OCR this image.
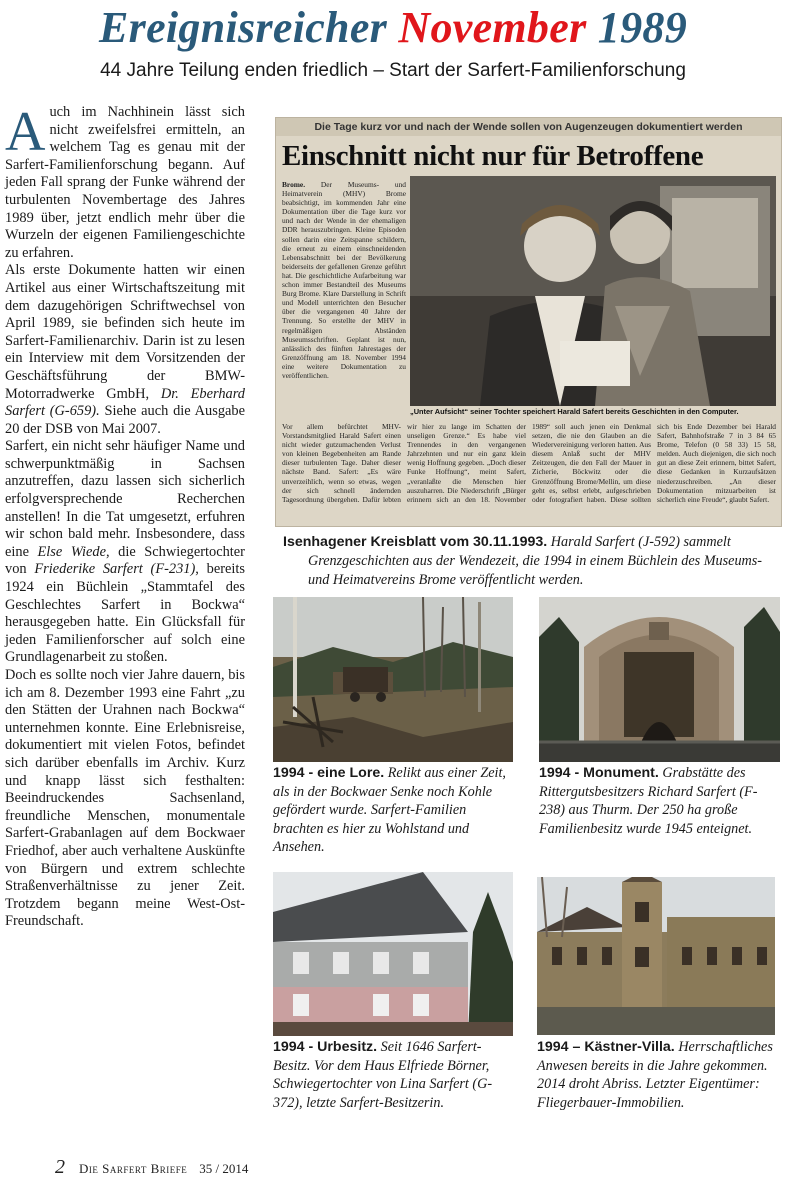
Ereignisreicher November 1989
44 Jahre Teilung enden friedlich – Start der Sarfert-Familienforschung

Auch im Nachhinein lässt sich nicht zweifelsfrei ermitteln, an welchem Tag es genau mit der Sarfert-Familienforschung begann. Auf jeden Fall sprang der Funke während der turbulenten Novembertage des Jahres 1989 über, jetzt endlich mehr über die Wurzeln der eigenen Familiengeschichte zu erfahren.

Als erste Dokumente hatten wir einen Artikel aus einer Wirtschaftszeitung mit dem dazugehörigen Schriftwechsel von April 1989, sie befinden sich heute im Sarfert-Familienarchiv. Darin ist zu lesen ein Interview mit dem Vorsitzenden der Geschäftsführung der BMW-Motorradwerke GmbH, Dr. Eberhard Sarfert (G-659). Siehe auch die Ausgabe 20 der DSB von Mai 2007.

Sarfert, ein nicht sehr häufiger Name und schwerpunktmäßig in Sachsen anzutreffen, dazu lassen sich sicherlich erfolgversprechende Recherchen anstellen! In die Tat umgesetzt, erfuhren wir schon bald mehr. Insbesondere, dass eine Else Wiede, die Schwiegertochter von Friederike Sarfert (F-231), bereits 1924 ein Büchlein „Stammtafel des Geschlechtes Sarfert in Bockwa“ herausgegeben hatte. Ein Glücksfall für jeden Familienforscher auf solch eine Grundlagenarbeit zu stoßen.

Doch es sollte noch vier Jahre dauern, bis ich am 8. Dezember 1993 eine Fahrt „zu den Stätten der Urahnen nach Bockwa“ unternehmen konnte. Eine Erlebnisreise, dokumentiert mit vielen Fotos, befindet sich darüber ebenfalls im Archiv. Kurz und knapp lässt sich festhalten: Beeindruckendes Sachsenland, freundliche Menschen, monumentale Sarfert-Grabanlagen auf dem Bockwaer Friedhof, aber auch verhaltene Auskünfte von Bürgern und extrem schlechte Straßenverhältnisse zu jener Zeit. Trotzdem begann meine West-Ost-Freundschaft.

Die Tage kurz vor und nach der Wende sollen von Augenzeugen dokumentiert werden
Einschnitt nicht nur für Betroffene
Brome. Der Museums- und Heimatverein (MHV) Brome beabsichtigt, im kommenden Jahr eine Dokumentation über die Tage kurz vor und nach der Wende in der ehemaligen DDR herauszubringen. Kleine Episoden sollen darin eine Zeitspanne schildern, die erneut zu einem einschneidenden Lebensabschnitt bei der Bevölkerung beiderseits der gefallenen Grenze geführt hat. Die geschichtliche Aufarbeitung war schon immer Bestandteil des Museums Burg Brome. Klare Darstellung in Schrift und Modell unterrichten den Besucher über die vergangenen 40 Jahre der Trennung. So erstellte der MHV in regelmäßigen Abständen Museumsschriften. Geplant ist nun, anlässlich des fünften Jahrestages der Grenzöffnung am 18. November 1994 eine weitere Dokumentation zu veröffentlichen.
„Unter Aufsicht“ seiner Tochter speichert Harald Safert bereits Geschichten in den Computer.
Vor allem befürchtet MHV-Vorstandsmitglied Harald Safert einen nicht wieder gutzumachenden Verlust von kleinen Begebenheiten am Rande dieser turbulenten Tage. Daher dieser nächste Band. Safert: „Es wäre unverzeihlich, wenn so etwas, wegen der sich schnell ändernden Tagesordnung übergehen. Dafür lebten wir hier zu lange im Schatten der unseligen Grenze.“ Es habe viel Trennendes in den vergangenen Jahrzehnten und nur ein ganz klein wenig Hoffnung gegeben. „Doch dieser Funke Hoffnung“, meint Safert, „veranlaßte die Menschen hier auszuharren. Die Niederschrift „Bürger erinnern sich an den 18. November 1989“ soll auch jenen ein Denkmal setzen, die nie den Glauben an die Wiedervereinigung verloren hatten. Aus diesem Anlaß sucht der MHV Zeitzeugen, die den Fall der Mauer in Zicherie, Böckwitz oder die Grenzöffnung Brome/Mellin, um diese geht es, selbst erlebt, aufgeschrieben oder fotografiert haben. Diese sollten sich bis Ende Dezember bei Harald Safert, Bahnhofstraße 7 in 3 84 65 Brome, Telefon (0 58 33) 15 58, melden. Auch diejenigen, die sich noch gut an diese Zeit erinnern, bittet Safert, diese Gedanken in Kurzaufsätzen niederzuschreiben. „An dieser Dokumentation mitzuarbeiten ist sicherlich eine Freude“, glaubt Safert.
Isenhagener Kreisblatt vom 30.11.1993. Harald Sarfert (J-592) sammelt
Grenzgeschichten aus der Wendezeit, die 1994 in einem Büchlein des Museums-
und Heimatvereins Brome veröffentlicht werden.
1994 - eine Lore. Relikt aus einer Zeit, als in der Bockwaer Senke noch Kohle gefördert wurde. Sarfert-Familien brachten es hier zu Wohlstand und Ansehen.
1994 - Monument. Grabstätte des Rittergutsbesitzers Richard Sarfert (F- 238) aus Thurm. Der 250 ha große Familienbesitz wurde 1945 enteignet.
1994 - Urbesitz. Seit 1646 Sarfert-Besitz. Vor dem Haus Elfriede Börner, Schwiegertochter von Lina Sarfert (G-372), letzte Sarfert-Besitzerin.
1994 – Kästner-Villa. Herrschaftliches Anwesen bereits in die Jahre gekommen. 2014 droht Abriss. Letzter Eigentümer: Fliegerbauer-Immobilien.
2 Die Sarfert Briefe 35 / 2014
